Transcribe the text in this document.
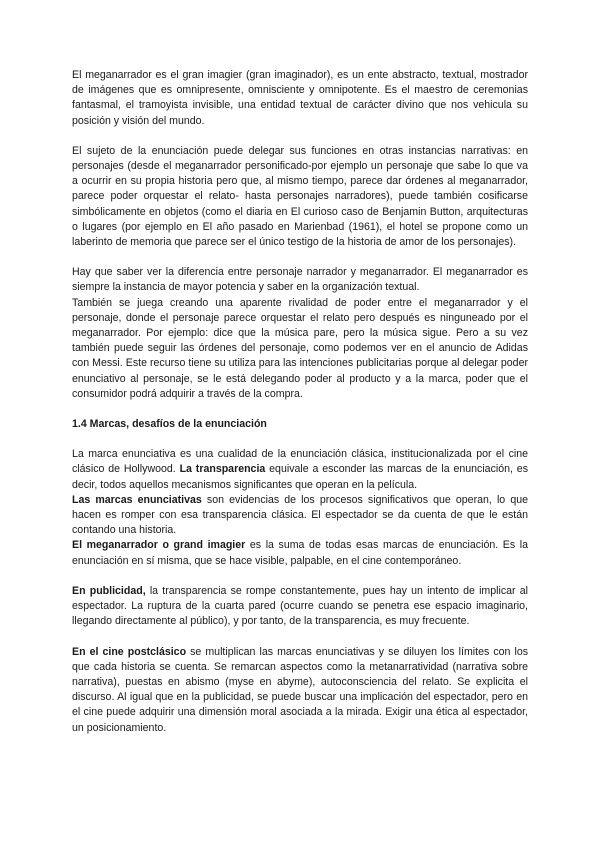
El meganarrador es el gran imagier (gran imaginador), es un ente abstracto, textual, mostrador de imágenes que es omnipresente, omnisciente y omnipotente. Es el maestro de ceremonias fantasmal, el tramoyista invisible, una entidad textual de carácter divino que nos vehicula su posición y visión del mundo.

El sujeto de la enunciación puede delegar sus funciones en otras instancias narrativas: en personajes (desde el meganarrador personificado-por ejemplo un personaje que sabe lo que va a ocurrir en su propia historia pero que, al mismo tiempo, parece dar órdenes al meganarrador, parece poder orquestar el relato- hasta personajes narradores), puede también cosificarse simbólicamente en objetos (como el diaria en El curioso caso de Benjamin Button, arquitecturas o lugares (por ejemplo en El año pasado en Marienbad (1961), el hotel se propone como un laberinto de memoria que parece ser el único testigo de la historia de amor de los personajes).

Hay que saber ver la diferencia entre personaje narrador y meganarrador. El meganarrador es siempre la instancia de mayor potencia y saber en la organización textual.

También se juega creando una aparente rivalidad de poder entre el meganarrador y el personaje, donde el personaje parece orquestar el relato pero después es ninguneado por el meganarrador. Por ejemplo: dice que la música pare, pero la música sigue. Pero a su vez también puede seguir las órdenes del personaje, como podemos ver en el anuncio de Adidas con Messi. Este recurso tiene su utiliza para las intenciones publicitarias porque al delegar poder enunciativo al personaje, se le está delegando poder al producto y a la marca, poder que el consumidor podrá adquirir a través de la compra.

1.4 Marcas, desafíos de la enunciación

La marca enunciativa es una cualidad de la enunciación clásica, institucionalizada por el cine clásico de Hollywood. La transparencia equivale a esconder las marcas de la enunciación, es decir, todos aquellos mecanismos significantes que operan en la película.

Las marcas enunciativas son evidencias de los procesos significativos que operan, lo que hacen es romper con esa transparencia clásica. El espectador se da cuenta de que le están contando una historia.

El meganarrador o grand imagier es la suma de todas esas marcas de enunciación. Es la enunciación en sí misma, que se hace visible, palpable, en el cine contemporáneo.

En publicidad, la transparencia se rompe constantemente, pues hay un intento de implicar al espectador. La ruptura de la cuarta pared (ocurre cuando se penetra ese espacio imaginario, llegando directamente al público), y por tanto, de la transparencia, es muy frecuente.

En el cine postclásico se multiplican las marcas enunciativas y se diluyen los límites con los que cada historia se cuenta. Se remarcan aspectos como la metanarratividad (narrativa sobre narrativa), puestas en abismo (myse en abyme), autoconsciencia del relato. Se explicita el discurso. Al igual que en la publicidad, se puede buscar una implicación del espectador, pero en el cine puede adquirir una dimensión moral asociada a la mirada. Exigir una ética al espectador, un posicionamiento.
